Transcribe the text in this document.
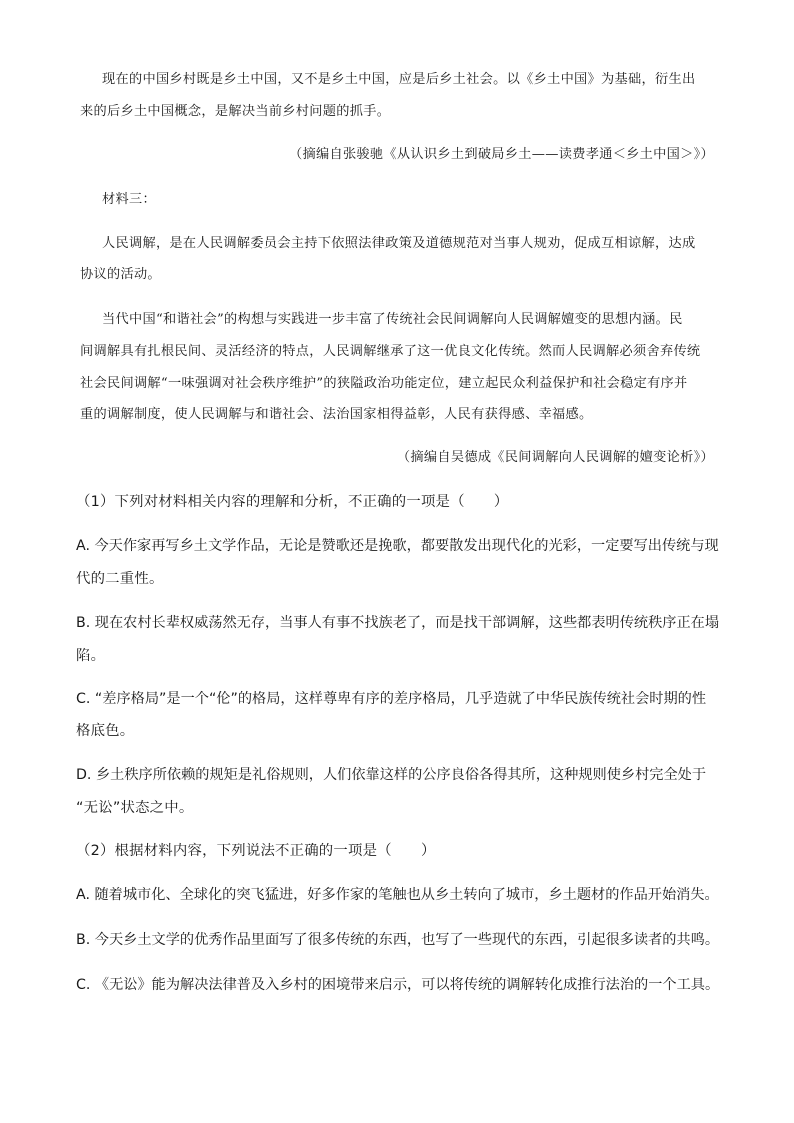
现在的中国乡村既是乡土中国，又不是乡土中国，应是后乡土社会。以《乡土中国》为基础，衍生出
来的后乡土中国概念，是解决当前乡村问题的抓手。
（摘编自张骏驰《从认识乡土到破局乡土——读费孝通＜乡土中国＞》）
材料三：
人民调解，是在人民调解委员会主持下依照法律政策及道德规范对当事人规劝，促成互相谅解，达成
协议的活动。
当代中国“和谐社会”的构想与实践进一步丰富了传统社会民间调解向人民调解嬗变的思想内涵。民
间调解具有扎根民间、灵活经济的特点，人民调解继承了这一优良文化传统。然而人民调解必须舍弃传统
社会民间调解“一味强调对社会秩序维护”的狭隘政治功能定位，建立起民众利益保护和社会稳定有序并
重的调解制度，使人民调解与和谐社会、法治国家相得益彰，人民有获得感、幸福感。
（摘编自吴德成《民间调解向人民调解的嬗变论析》）
（1）下列对材料相关内容的理解和分析，不正确的一项是（　　）
A. 今天作家再写乡土文学作品，无论是赞歌还是挽歌，都要散发出现代化的光彩，一定要写出传统与现
代的二重性。
B. 现在农村长辈权威荡然无存，当事人有事不找族老了，而是找干部调解，这些都表明传统秩序正在塌
陷。
C. “差序格局”是一个“伦”的格局，这样尊卑有序的差序格局，几乎造就了中华民族传统社会时期的性
格底色。
D. 乡土秩序所依赖的规矩是礼俗规则，人们依靠这样的公序良俗各得其所，这种规则使乡村完全处于
“无讼”状态之中。
（2）根据材料内容，下列说法不正确的一项是（　　）
A. 随着城市化、全球化的突飞猛进，好多作家的笔触也从乡土转向了城市，乡土题材的作品开始消失。
B. 今天乡土文学的优秀作品里面写了很多传统的东西，也写了一些现代的东西，引起很多读者的共鸣。
C. 《无讼》能为解决法律普及入乡村的困境带来启示，可以将传统的调解转化成推行法治的一个工具。
